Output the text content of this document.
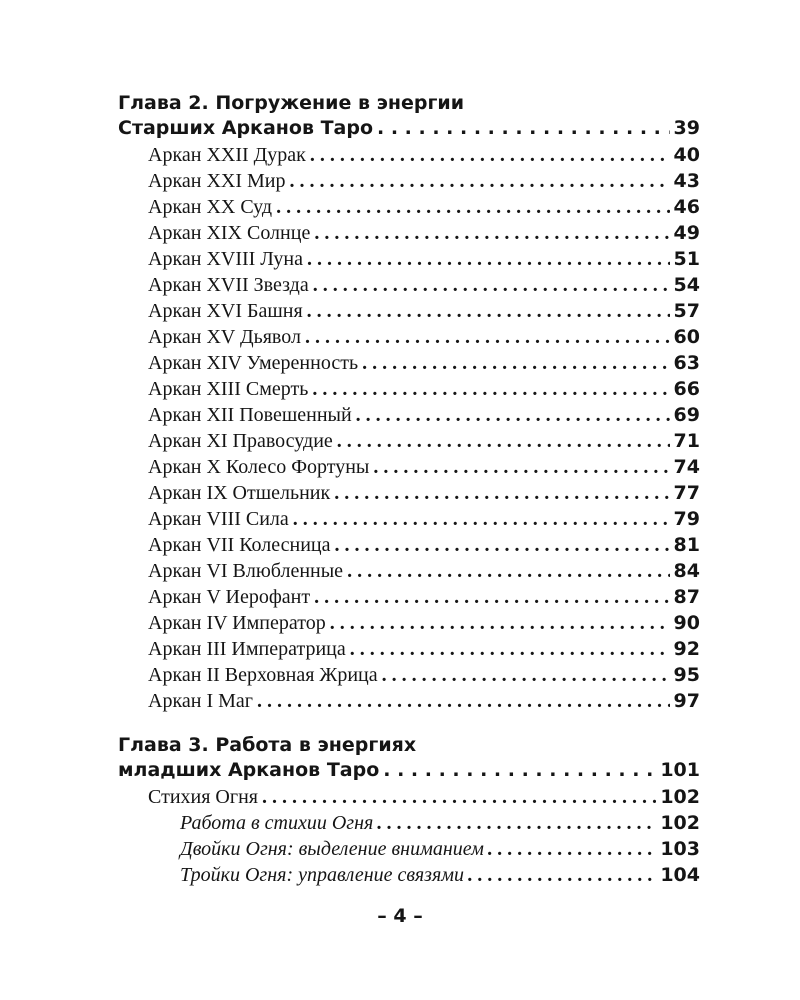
Глава 2. Погружение в энергии
Старших Арканов Таро . . .	39
Аркан XXII Дурак . . .	40
Аркан XXI Мир . . .	43
Аркан XX Суд . . .	46
Аркан XIX Солнце . . .	49
Аркан XVIII Луна . . .	51
Аркан XVII Звезда . . .	54
Аркан XVI Башня . . .	57
Аркан XV Дьявол . . .	60
Аркан XIV Умеренность . . .	63
Аркан XIII Смерть . . .	66
Аркан XII Повешенный . . .	69
Аркан XI Правосудие . . .	71
Аркан X Колесо Фортуны . . .	74
Аркан IX Отшельник . . .	77
Аркан VIII Сила . . .	79
Аркан VII Колесница . . .	81
Аркан VI Влюбленные . . .	84
Аркан V Иерофант . . .	87
Аркан IV Император . . .	90
Аркан III Императрица . . .	92
Аркан II Верховная Жрица . . .	95
Аркан I Маг . . .	97
Глава 3. Работа в энергиях
младших Арканов Таро . . .	101
Стихия Огня . . .	102
Работа в стихии Огня . . .	102
Двойки Огня: выделение вниманием . . .	103
Тройки Огня: управление связями . . .	104
– 4 –
